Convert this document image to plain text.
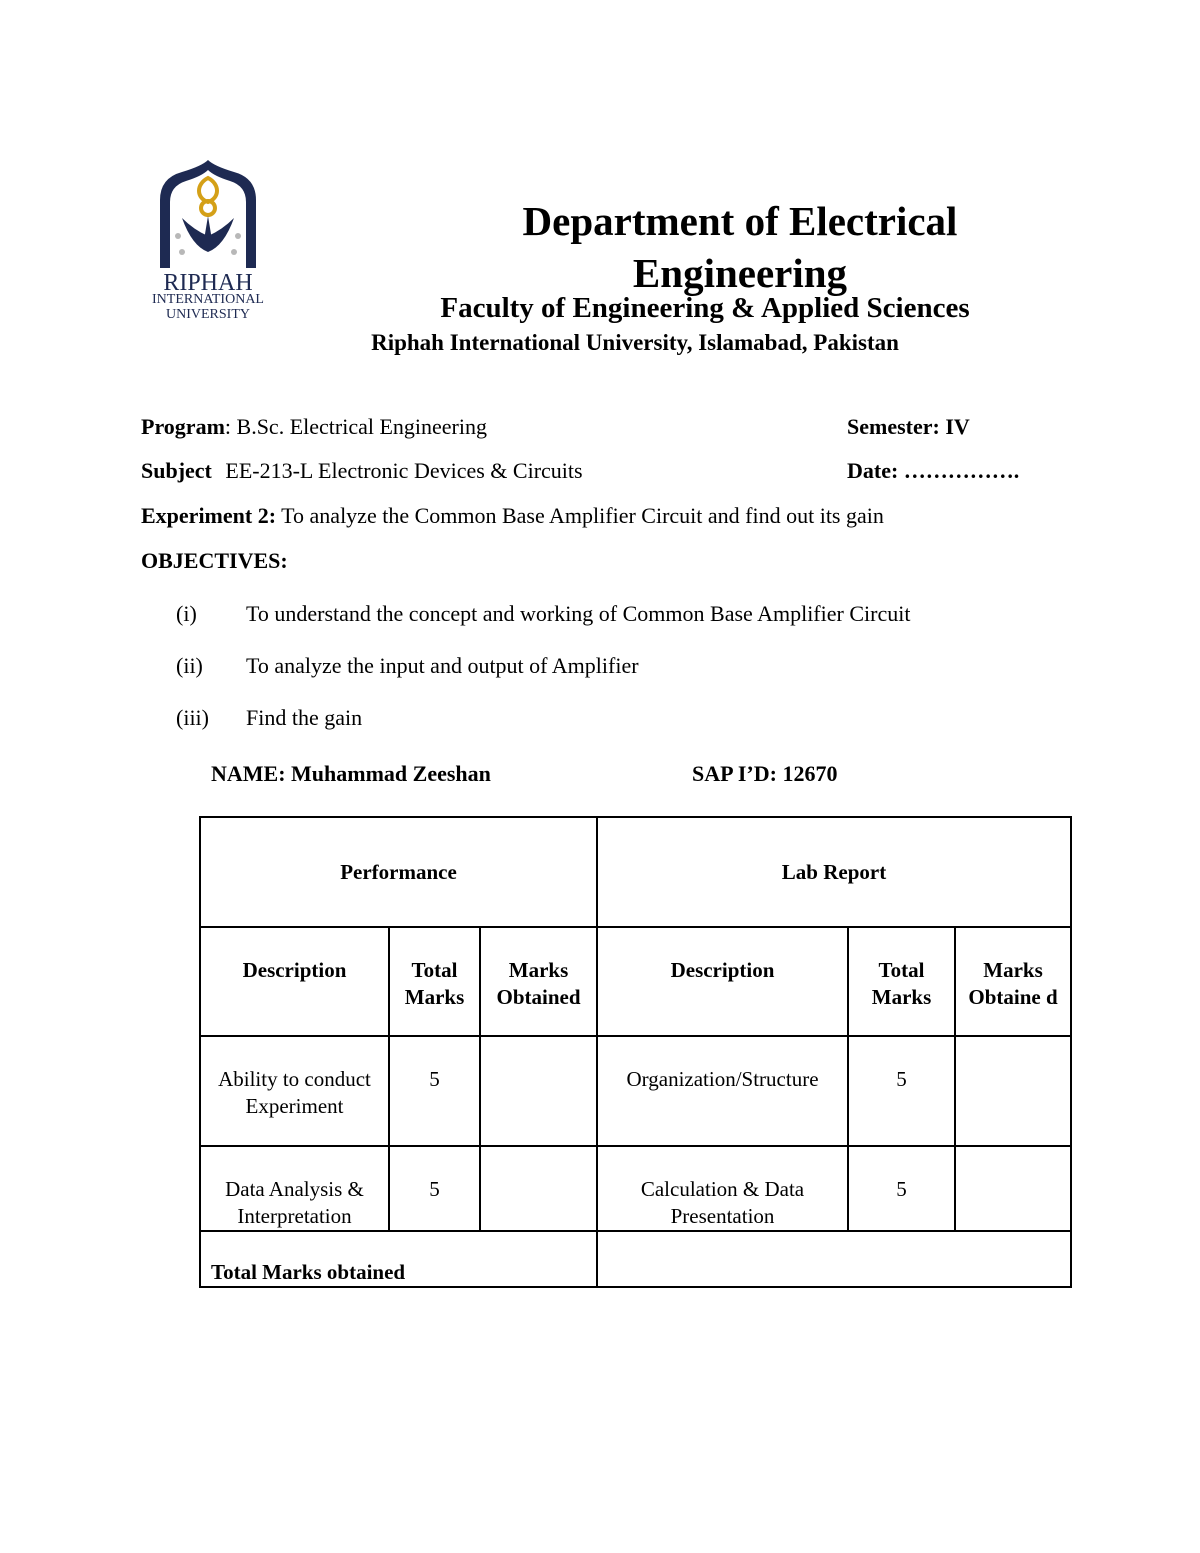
RIPHAH
INTERNATIONAL
UNIVERSITY
Department of Electrical
Engineering
Faculty of Engineering & Applied Sciences
Riphah International University, Islamabad, Pakistan
Program: B.Sc. Electrical Engineering	Semester: IV
Subject EE-213-L Electronic Devices & Circuits	Date: …………….
Experiment 2: To analyze the Common Base Amplifier Circuit and find out its gain
OBJECTIVES:
(i) To understand the concept and working of Common Base Amplifier Circuit
(ii) To analyze the input and output of Amplifier
(iii) Find the gain
NAME: Muhammad Zeeshan	SAP I’D: 12670
Performance			Lab Report		
Description	Total Marks	Marks Obtained	Description	Total Marks	Marks Obtaine d
Ability to conduct Experiment	5		Organization/Structure	5	
Data Analysis & Interpretation	5		Calculation & Data Presentation	5	
Total Marks obtained					
